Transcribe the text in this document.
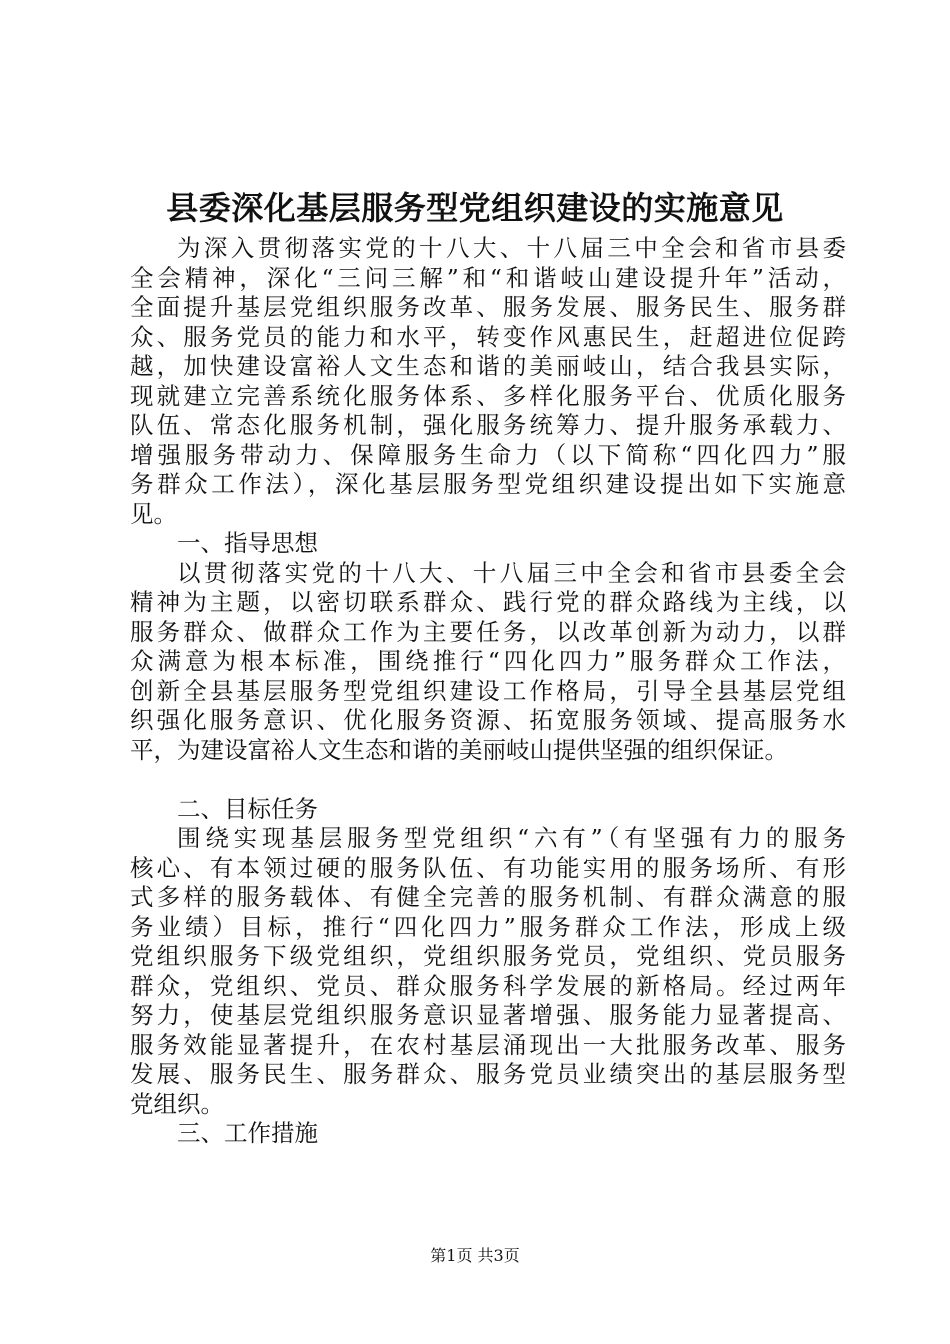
县委深化基层服务型党组织建设的实施意见
为深入贯彻落实党的十八大、十八届三中全会和省市县委
全会精神，深化“三问三解”和“和谐岐山建设提升年”活动，
全面提升基层党组织服务改革、服务发展、服务民生、服务群
众、服务党员的能力和水平，转变作风惠民生，赶超进位促跨
越，加快建设富裕人文生态和谐的美丽岐山，结合我县实际，
现就建立完善系统化服务体系、多样化服务平台、优质化服务
队伍、常态化服务机制，强化服务统筹力、提升服务承载力、
增强服务带动力、保障服务生命力（以下简称“四化四力”服
务群众工作法），深化基层服务型党组织建设提出如下实施意
见。
一、指导思想
以贯彻落实党的十八大、十八届三中全会和省市县委全会
精神为主题，以密切联系群众、践行党的群众路线为主线，以
服务群众、做群众工作为主要任务，以改革创新为动力，以群
众满意为根本标准，围绕推行“四化四力”服务群众工作法，
创新全县基层服务型党组织建设工作格局，引导全县基层党组
织强化服务意识、优化服务资源、拓宽服务领域、提高服务水
平，为建设富裕人文生态和谐的美丽岐山提供坚强的组织保证。
二、目标任务
围绕实现基层服务型党组织“六有”（有坚强有力的服务
核心、有本领过硬的服务队伍、有功能实用的服务场所、有形
式多样的服务载体、有健全完善的服务机制、有群众满意的服
务业绩）目标，推行“四化四力”服务群众工作法，形成上级
党组织服务下级党组织，党组织服务党员，党组织、党员服务
群众，党组织、党员、群众服务科学发展的新格局。经过两年
努力，使基层党组织服务意识显著增强、服务能力显著提高、
服务效能显著提升，在农村基层涌现出一大批服务改革、服务
发展、服务民生、服务群众、服务党员业绩突出的基层服务型
党组织。
三、工作措施
第1页 共3页
